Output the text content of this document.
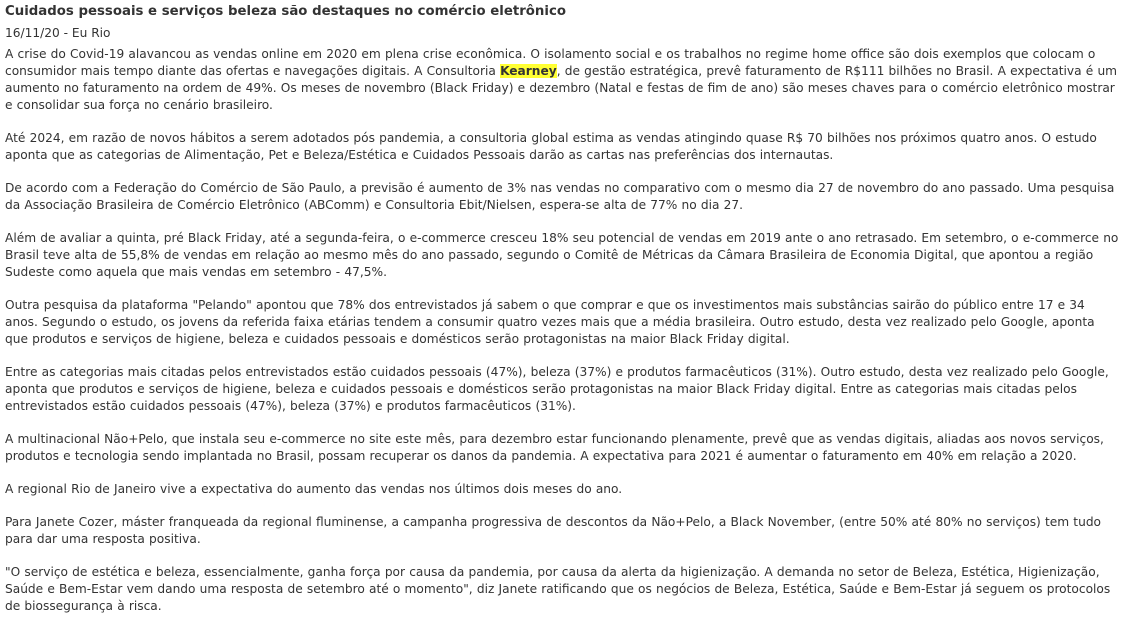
Cuidados pessoais e serviços beleza são destaques no comércio eletrônico
16/11/20 - Eu Rio

A crise do Covid-19 alavancou as vendas online em 2020 em plena crise econômica. O isolamento social e os trabalhos no regime home office são dois exemplos que colocam o consumidor mais tempo diante das ofertas e navegações digitais. A Consultoria Kearney, de gestão estratégica, prevê faturamento de R$111 bilhões no Brasil. A expectativa é um aumento no faturamento na ordem de 49%. Os meses de novembro (Black Friday) e dezembro (Natal e festas de fim de ano) são meses chaves para o comércio eletrônico mostrar e consolidar sua força no cenário brasileiro.

Até 2024, em razão de novos hábitos a serem adotados pós pandemia, a consultoria global estima as vendas atingindo quase R$ 70 bilhões nos próximos quatro anos. O estudo aponta que as categorias de Alimentação, Pet e Beleza/Estética e Cuidados Pessoais darão as cartas nas preferências dos internautas.

De acordo com a Federação do Comércio de São Paulo, a previsão é aumento de 3% nas vendas no comparativo com o mesmo dia 27 de novembro do ano passado. Uma pesquisa da Associação Brasileira de Comércio Eletrônico (ABComm) e Consultoria Ebit/Nielsen, espera-se alta de 77% no dia 27.

Além de avaliar a quinta, pré Black Friday, até a segunda-feira, o e-commerce cresceu 18% seu potencial de vendas em 2019 ante o ano retrasado. Em setembro, o e-commerce no Brasil teve alta de 55,8% de vendas em relação ao mesmo mês do ano passado, segundo o Comitê de Métricas da Câmara Brasileira de Economia Digital, que apontou a região Sudeste como aquela que mais vendas em setembro - 47,5%.

Outra pesquisa da plataforma "Pelando" apontou que 78% dos entrevistados já sabem o que comprar e que os investimentos mais substâncias sairão do público entre 17 e 34 anos. Segundo o estudo, os jovens da referida faixa etárias tendem a consumir quatro vezes mais que a média brasileira. Outro estudo, desta vez realizado pelo Google, aponta que produtos e serviços de higiene, beleza e cuidados pessoais e domésticos serão protagonistas na maior Black Friday digital.

Entre as categorias mais citadas pelos entrevistados estão cuidados pessoais (47%), beleza (37%) e produtos farmacêuticos (31%). Outro estudo, desta vez realizado pelo Google, aponta que produtos e serviços de higiene, beleza e cuidados pessoais e domésticos serão protagonistas na maior Black Friday digital. Entre as categorias mais citadas pelos entrevistados estão cuidados pessoais (47%), beleza (37%) e produtos farmacêuticos (31%).

A multinacional Não+Pelo, que instala seu e-commerce no site este mês, para dezembro estar funcionando plenamente, prevê que as vendas digitais, aliadas aos novos serviços, produtos e tecnologia sendo implantada no Brasil, possam recuperar os danos da pandemia. A expectativa para 2021 é aumentar o faturamento em 40% em relação a 2020.

A regional Rio de Janeiro vive a expectativa do aumento das vendas nos últimos dois meses do ano.

Para Janete Cozer, máster franqueada da regional fluminense, a campanha progressiva de descontos da Não+Pelo, a Black November, (entre 50% até 80% no serviços) tem tudo para dar uma resposta positiva.

"O serviço de estética e beleza, essencialmente, ganha força por causa da pandemia, por causa da alerta da higienização. A demanda no setor de Beleza, Estética, Higienização, Saúde e Bem-Estar vem dando uma resposta de setembro até o momento", diz Janete ratificando que os negócios de Beleza, Estética, Saúde e Bem-Estar já seguem os protocolos de biossegurança à risca.
